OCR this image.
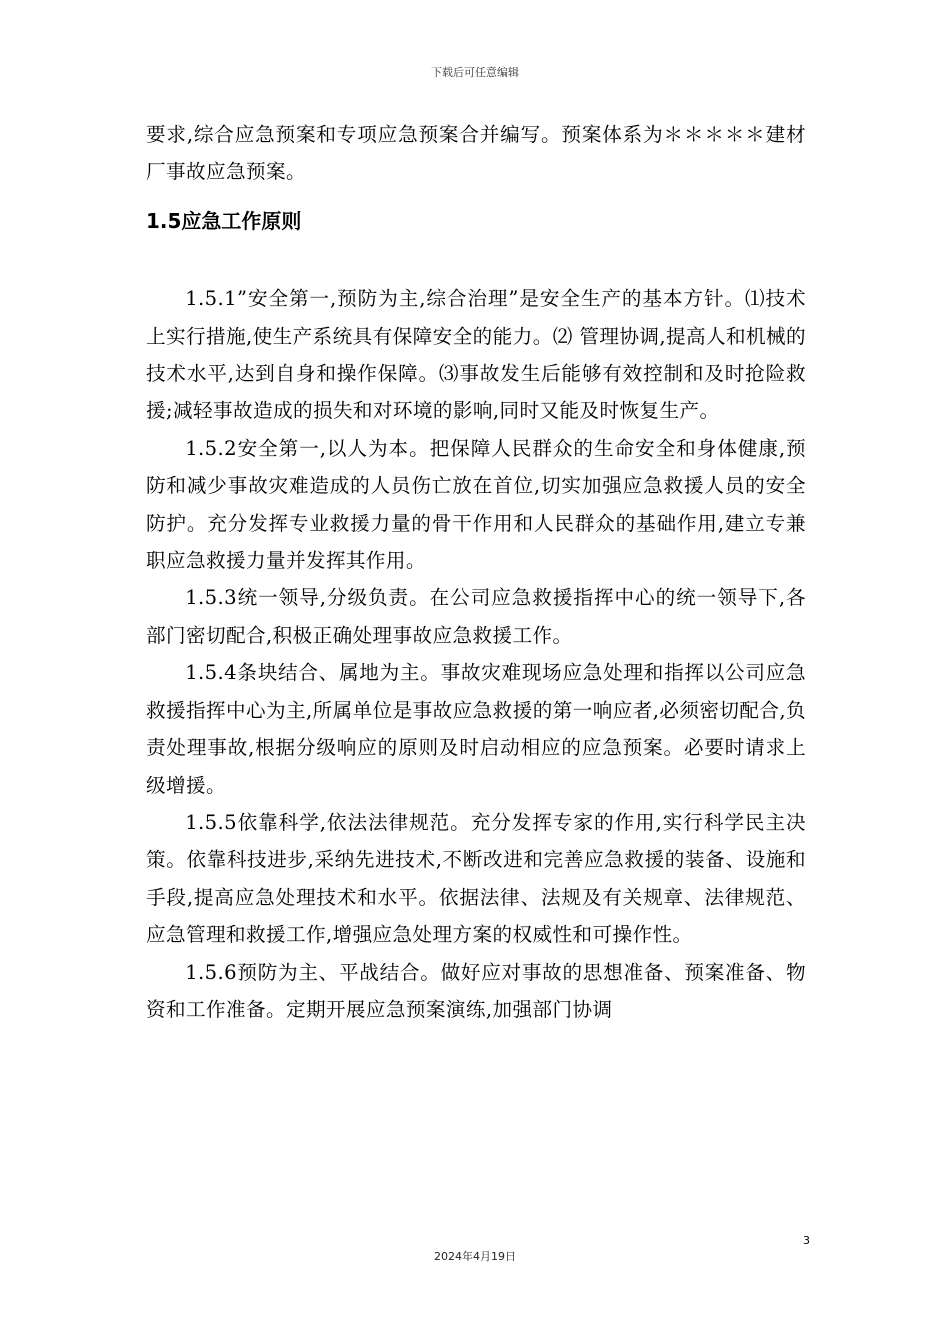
下载后可任意编辑

要求,综合应急预案和专项应急预案合并编写。预案体系为＊＊＊＊＊建材厂事故应急预案。

1.5应急工作原则

1.5.1”安全第一,预防为主,综合治理”是安全生产的基本方针。⑴技术上实行措施,使生产系统具有保障安全的能力。⑵ 管理协调,提高人和机械的技术水平,达到自身和操作保障。⑶事故发生后能够有效控制和及时抢险救援;减轻事故造成的损失和对环境的影响,同时又能及时恢复生产。

1.5.2安全第一,以人为本。把保障人民群众的生命安全和身体健康,预防和减少事故灾难造成的人员伤亡放在首位,切实加强应急救援人员的安全防护。充分发挥专业救援力量的骨干作用和人民群众的基础作用,建立专兼职应急救援力量并发挥其作用。

1.5.3统一领导,分级负责。在公司应急救援指挥中心的统一领导下,各部门密切配合,积极正确处理事故应急救援工作。

1.5.4条块结合、属地为主。事故灾难现场应急处理和指挥以公司应急救援指挥中心为主,所属单位是事故应急救援的第一响应者,必须密切配合,负责处理事故,根据分级响应的原则及时启动相应的应急预案。必要时请求上级增援。

1.5.5依靠科学,依法法律规范。充分发挥专家的作用,实行科学民主决策。依靠科技进步,采纳先进技术,不断改进和完善应急救援的装备、设施和手段,提高应急处理技术和水平。依据法律、法规及有关规章、法律规范、应急管理和救援工作,增强应急处理方案的权威性和可操作性。

1.5.6预防为主、平战结合。做好应对事故的思想准备、预案准备、物资和工作准备。定期开展应急预案演练,加强部门协调

3
2024年4月19日
